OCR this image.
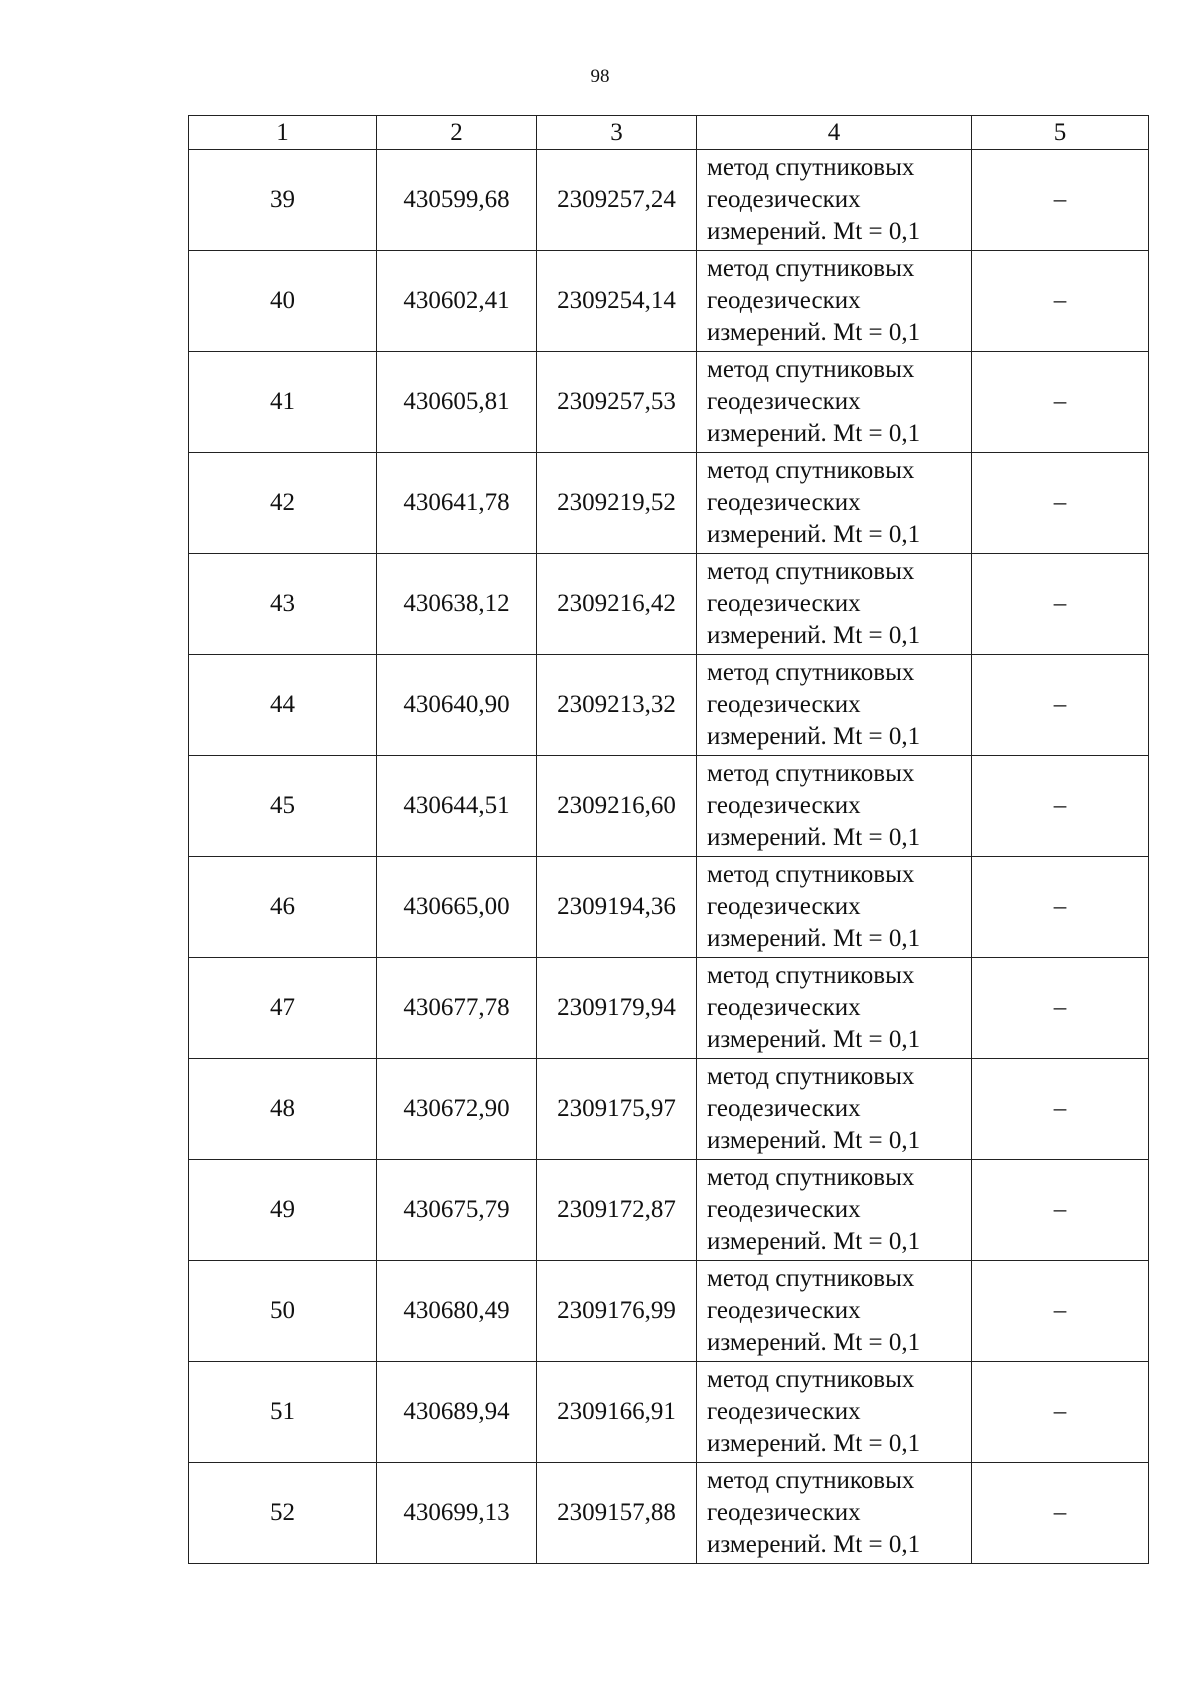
98
1	2	3	4	5
39	430599,68	2309257,24	метод спутниковых
геодезических
измерений. Mt = 0,1	–
40	430602,41	2309254,14	метод спутниковых
геодезических
измерений. Mt = 0,1	–
41	430605,81	2309257,53	метод спутниковых
геодезических
измерений. Mt = 0,1	–
42	430641,78	2309219,52	метод спутниковых
геодезических
измерений. Mt = 0,1	–
43	430638,12	2309216,42	метод спутниковых
геодезических
измерений. Mt = 0,1	–
44	430640,90	2309213,32	метод спутниковых
геодезических
измерений. Mt = 0,1	–
45	430644,51	2309216,60	метод спутниковых
геодезических
измерений. Mt = 0,1	–
46	430665,00	2309194,36	метод спутниковых
геодезических
измерений. Mt = 0,1	–
47	430677,78	2309179,94	метод спутниковых
геодезических
измерений. Mt = 0,1	–
48	430672,90	2309175,97	метод спутниковых
геодезических
измерений. Mt = 0,1	–
49	430675,79	2309172,87	метод спутниковых
геодезических
измерений. Mt = 0,1	–
50	430680,49	2309176,99	метод спутниковых
геодезических
измерений. Mt = 0,1	–
51	430689,94	2309166,91	метод спутниковых
геодезических
измерений. Mt = 0,1	–
52	430699,13	2309157,88	метод спутниковых
геодезических
измерений. Mt = 0,1	–
